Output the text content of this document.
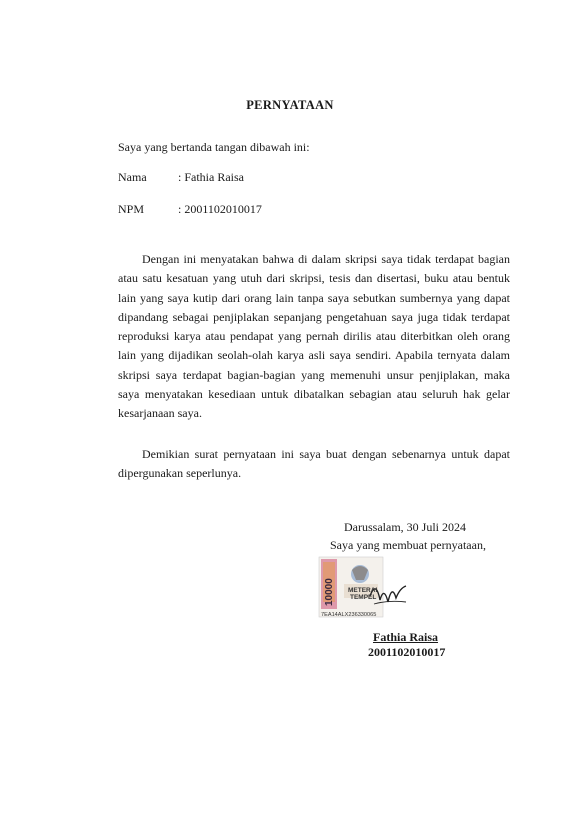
PERNYATAAN
Saya yang bertanda tangan dibawah ini:
Nama	: Fathia Raisa
NPM	: 2001102010017

Dengan ini menyatakan bahwa di dalam skripsi saya tidak terdapat bagian atau satu kesatuan yang utuh dari skripsi, tesis dan disertasi, buku atau bentuk lain yang saya kutip dari orang lain tanpa saya sebutkan sumbernya yang dapat dipandang sebagai penjiplakan sepanjang pengetahuan saya juga tidak terdapat reproduksi karya atau pendapat yang pernah dirilis atau diterbitkan oleh orang lain yang dijadikan seolah-olah karya asli saya sendiri. Apabila ternyata dalam skripsi saya terdapat bagian-bagian yang memenuhi unsur penjiplakan, maka saya menyatakan kesediaan untuk dibatalkan sebagian atau seluruh hak gelar kesarjanaan saya.

Demikian surat pernyataan ini saya buat dengan sebenarnya untuk dapat dipergunakan seperlunya.

Darussalam, 30 Juli 2024
Saya yang membuat pernyataan,
10000 METERAI
TEMPEL
7EA14ALX236330065
Fathia Raisa
2001102010017
